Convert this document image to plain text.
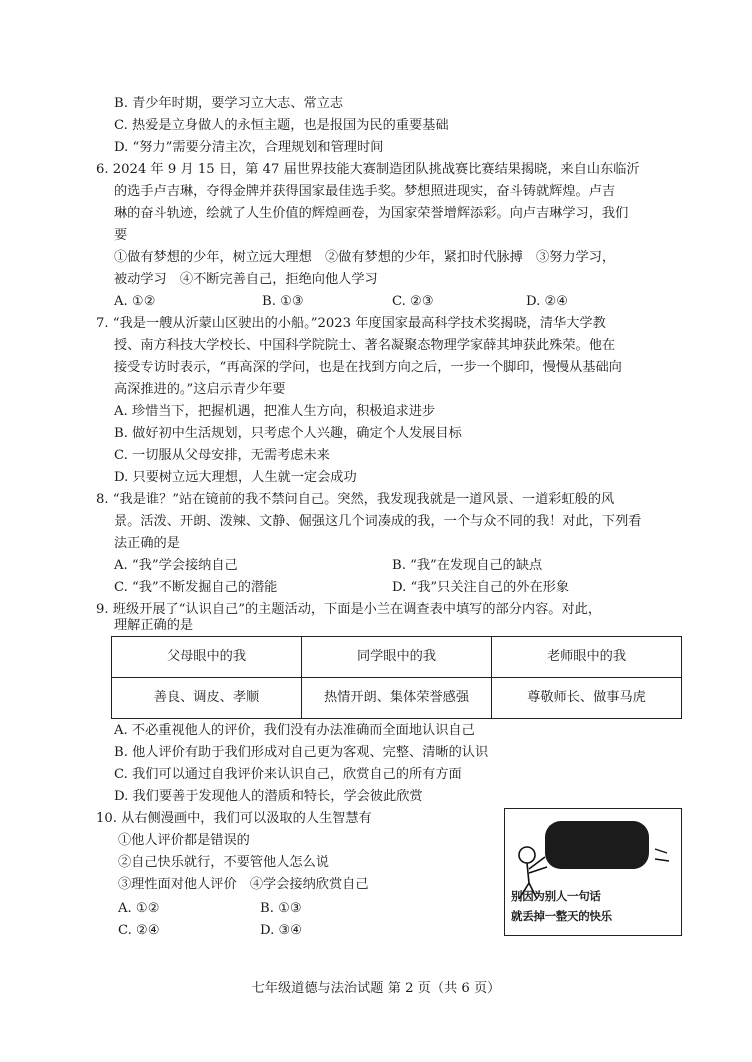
B. 青少年时期，要学习立大志、常立志
C. 热爱是立身做人的永恒主题，也是报国为民的重要基础
D. “努力”需要分清主次，合理规划和管理时间
6. 2024 年 9 月 15 日，第 47 届世界技能大赛制造团队挑战赛比赛结果揭晓，来自山东临沂
的选手卢吉琳，夺得金牌并获得国家最佳选手奖。梦想照进现实，奋斗铸就辉煌。卢吉
琳的奋斗轨迹，绘就了人生价值的辉煌画卷，为国家荣誉增辉添彩。向卢吉琳学习，我们
要
①做有梦想的少年，树立远大理想　②做有梦想的少年，紧扣时代脉搏　③努力学习，
被动学习　④不断完善自己，拒绝向他人学习
A. ①②	B. ①③	C. ②③	D. ②④
7. “我是一艘从沂蒙山区驶出的小船。”2023 年度国家最高科学技术奖揭晓，清华大学教
授、南方科技大学校长、中国科学院院士、著名凝聚态物理学家薛其坤获此殊荣。他在
接受专访时表示，“再高深的学问，也是在找到方向之后，一步一个脚印，慢慢从基础向
高深推进的。”这启示青少年要
A. 珍惜当下，把握机遇，把准人生方向，积极追求进步
B. 做好初中生活规划，只考虑个人兴趣，确定个人发展目标
C. 一切服从父母安排，无需考虑未来
D. 只要树立远大理想，人生就一定会成功
8. “我是谁？”站在镜前的我不禁问自己。突然，我发现我就是一道风景、一道彩虹般的风
景。活泼、开朗、泼辣、文静、倔强这几个词凑成的我，一个与众不同的我！对此，下列看
法正确的是
A. “我”学会接纳自己	B. “我”在发现自己的缺点
C. “我”不断发掘自己的潜能	D. “我”只关注自己的外在形象
9. 班级开展了“认识自己”的主题活动，下面是小兰在调查表中填写的部分内容。对此，
理解正确的是
父母眼中的我	同学眼中的我	老师眼中的我
善良、调皮、孝顺	热情开朗、集体荣誉感强	尊敬师长、做事马虎
A. 不必重视他人的评价，我们没有办法准确而全面地认识自己
B. 他人评价有助于我们形成对自己更为客观、完整、清晰的认识
C. 我们可以通过自我评价来认识自己，欣赏自己的所有方面
D. 我们要善于发现他人的潜质和特长，学会彼此欣赏
10. 从右侧漫画中，我们可以汲取的人生智慧有
①他人评价都是错误的
②自己快乐就行，不要管他人怎么说
③理性面对他人评价　④学会接纳欣赏自己
A. ①②	B. ①③
C. ②④	D. ③④
别因为别人一句话
就丢掉一整天的快乐
七年级道德与法治试题 第 2 页（共 6 页）
